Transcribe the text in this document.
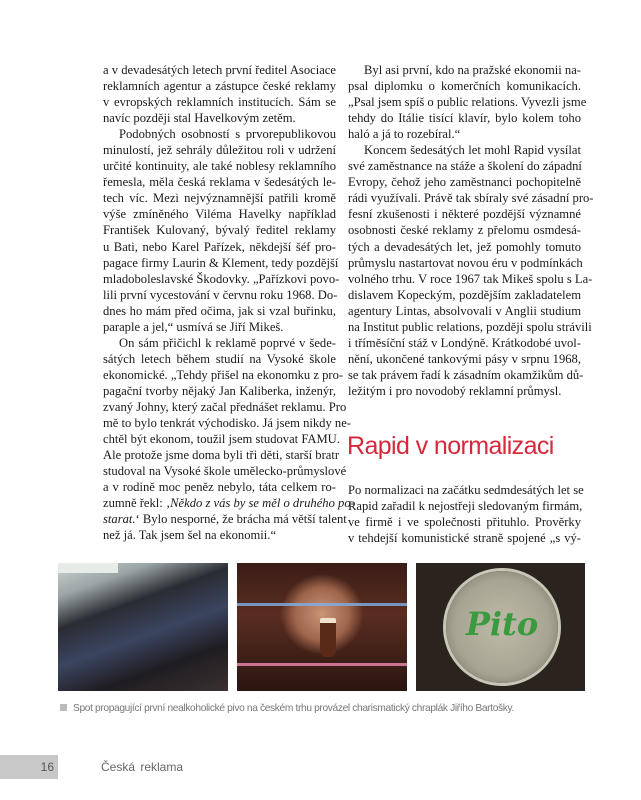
a v devadesátých letech první ředitel Asociace
reklamních agentur a zástupce české reklamy
v evropských reklamních institucích. Sám se
navíc později stal Havelkovým zetěm.
Podobných osobností s prvorepublikovou
minulostí, jež sehrály důležitou roli v udržení
určité kontinuity, ale také noblesy reklamního
řemesla, měla česká reklama v šedesátých le-
tech víc. Mezi nejvýznamnější patřili kromě
výše zmíněného Viléma Havelky například
František Kulovaný, bývalý ředitel reklamy
u Bati, nebo Karel Pařízek, někdejší šéf pro-
pagace firmy Laurin & Klement, tedy pozdější
mladoboleslavské Škodovky. „Pařízkovi povo-
lili první vycestování v červnu roku 1968. Do-
dnes ho mám před očima, jak si vzal buřinku,
paraple a jel,“ usmívá se Jiří Mikeš.
On sám přičichl k reklamě poprvé v šede-
sátých letech během studií na Vysoké škole
ekonomické. „Tehdy přišel na ekonomku z pro-
pagační tvorby nějaký Jan Kaliberka, inženýr,
zvaný Johny, který začal přednášet reklamu. Pro
mě to bylo tenkrát východisko. Já jsem nikdy ne-
chtěl být ekonom, toužil jsem studovat FAMU.
Ale protože jsme doma byli tři děti, starší bratr
studoval na Vysoké škole umělecko-průmyslové
a v rodině moc peněz nebylo, táta celkem ro-
zumně řekl: ‚Někdo z vás by se měl o druhého po-
starat.‘ Bylo nesporné, že brácha má větší talent
než já. Tak jsem šel na ekonomii.“
Byl asi první, kdo na pražské ekonomii na-
psal diplomku o komerčních komunikacích.
„Psal jsem spíš o public relations. Vyvezli jsme
tehdy do Itálie tisící klavír, bylo kolem toho
haló a já to rozebíral.“
Koncem šedesátých let mohl Rapid vysílat
své zaměstnance na stáže a školení do západní
Evropy, čehož jeho zaměstnanci pochopitelně
rádi využívali. Právě tak sbíraly své zásadní pro-
fesní zkušenosti i některé pozdější významné
osobnosti české reklamy z přelomu osmdesá-
tých a devadesátých let, jež pomohly tomuto
průmyslu nastartovat novou éru v podmínkách
volného trhu. V roce 1967 tak Mikeš spolu s La-
dislavem Kopeckým, pozdějším zakladatelem
agentury Lintas, absolvovali v Anglii studium
na Institut public relations, později spolu strávili
i tříměsíční stáž v Londýně. Krátkodobé uvol-
nění, ukončené tankovými pásy v srpnu 1968,
se tak právem řadí k zásadním okamžikům dů-
ležitým i pro novodobý reklamní průmysl.
Rapid v normalizaci
Po normalizaci na začátku sedmdesátých let se
Rapid zařadil k nejostřeji sledovaným firmám,
ve firmě i ve společnosti přituhlo. Prověrky
v tehdejší komunistické straně spojené „s vý-
Pito
Spot propagující první nealkoholické pivo na českém trhu provázel charismatický chraplák Jiřího Bartošky.
16	Česká reklama
